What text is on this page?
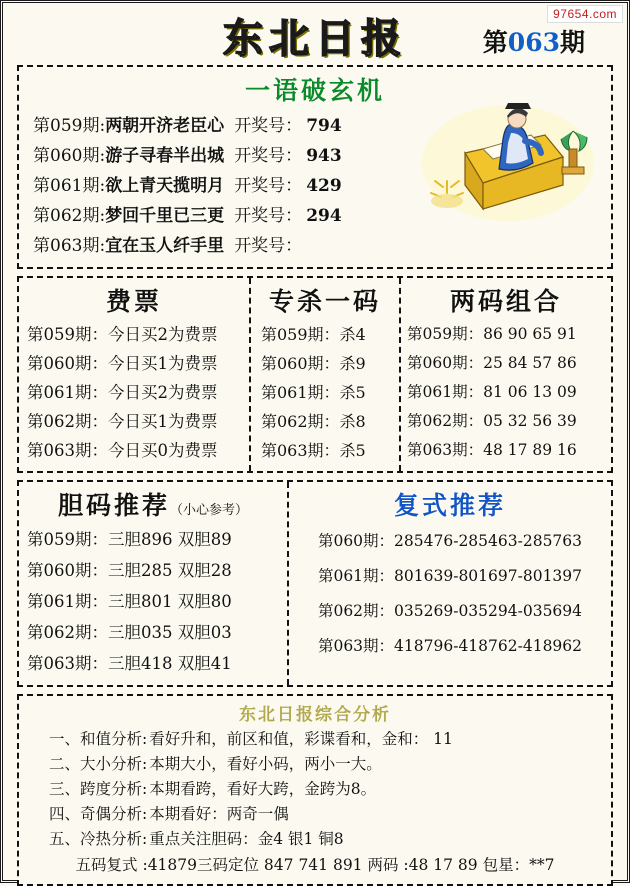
97654.com
东北日报	第063期
一语破玄机
第059期:两朝开济老臣心 开奖号： 794
第060期:游子寻春半出城 开奖号： 943
第061期:欲上青天揽明月 开奖号： 429
第062期:梦回千里已三更 开奖号： 294
第063期:宜在玉人纤手里 开奖号：
费票
第059期：今日买2为费票
第060期：今日买1为费票
第061期：今日买2为费票
第062期：今日买1为费票
第063期：今日买0为费票
专杀一码
第059期：杀4
第060期：杀9
第061期：杀5
第062期：杀8
第063期：杀5
两码组合
第059期：86 90 65 91
第060期：25 84 57 86
第061期：81 06 13 09
第062期：05 32 56 39
第063期：48 17 89 16
胆码推荐（小心参考）
第059期：三胆896 双胆89
第060期：三胆285 双胆28
第061期：三胆801 双胆80
第062期：三胆035 双胆03
第063期：三胆418 双胆41
复式推荐
第060期：285476-285463-285763
第061期：801639-801697-801397
第062期：035269-035294-035694
第063期：418796-418762-418962
东北日报综合分析
一、和值分析: 看好升和，前区和值，彩谍看和，金和： 11
二、大小分析: 本期大小，看好小码，两小一大。
三、跨度分析: 本期看跨，看好大跨，金跨为8。
四、奇偶分析: 本期看好：两奇一偶
五、冷热分析: 重点关注胆码：金4 银1 铜8
五码复式 :41879三码定位 847 741 891 两码 :48 17 89 包星：**7
